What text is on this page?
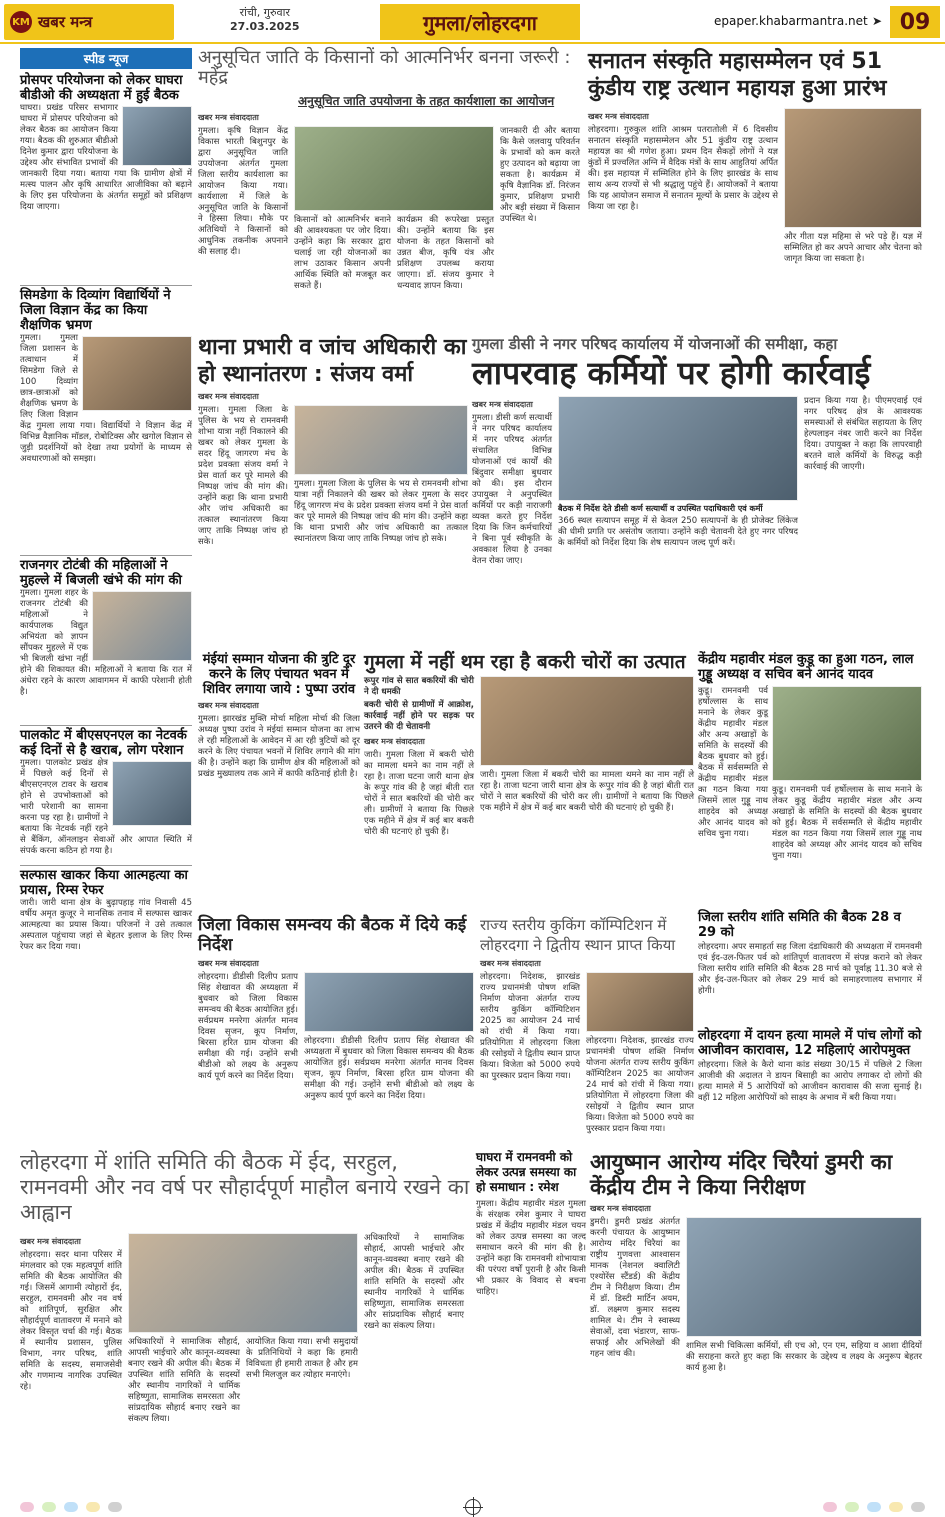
KM खबर मन्त्र
रांची, गुरुवार
27.03.2025	गुमला/लोहरदगा	epaper.khabarmantra.net ➤ 09
स्पीड न्यूज
प्रोसपर परियोजना को लेकर घाघरा बीडीओ की अध्यक्षता में हुई बैठक
घाघरा। प्रखंड परिसर सभागार घाघरा में प्रोसपर परियोजना को लेकर बैठक का आयोजन किया गया। बैठक की शुरुआत बीडीओ दिनेश कुमार द्वारा परियोजना के उद्देश्य और संभावित प्रभावों की जानकारी दिया गया। बताया गया कि ग्रामीण क्षेत्रों में मत्स्य पालन और कृषि आधारित आजीविका को बढ़ाने के लिए इस परियोजना के अंतर्गत समूहों को प्रशिक्षण दिया जाएगा।
सिमडेगा के दिव्यांग विद्यार्थियों ने जिला विज्ञान केंद्र का किया शैक्षणिक भ्रमण
गुमला। गुमला जिला प्रशासन के तत्वाधान में सिमडेगा जिले से 100 दिव्यांग छात्र-छात्राओं को शैक्षणिक भ्रमण के लिए जिला विज्ञान केंद्र गुमला लाया गया। विद्यार्थियों ने विज्ञान केंद्र में विभिन्न वैज्ञानिक मॉडल, रोबोटिक्स और खगोल विज्ञान से जुड़ी प्रदर्शनियों को देखा तथा प्रयोगों के माध्यम से अवधारणाओं को समझा।
राजनगर टोटंबी की महिलाओं ने मुहल्ले में बिजली खंभे की मांग की
गुमला। गुमला शहर के राजनगर टोटंबी की महिलाओं ने कार्यपालक विद्युत अभियंता को ज्ञापन सौंपकर मुहल्ले में एक भी बिजली खंभा नहीं होने की शिकायत की। महिलाओं ने बताया कि रात में अंधेरा रहने के कारण आवागमन में काफी परेशानी होती है।
पालकोट में बीएसएनएल का नेटवर्क कई दिनों से है खराब, लोग परेशान
गुमला। पालकोट प्रखंड क्षेत्र में पिछले कई दिनों से बीएसएनएल टावर के खराब होने से उपभोक्ताओं को भारी परेशानी का सामना करना पड़ रहा है। ग्रामीणों ने बताया कि नेटवर्क नहीं रहने से बैंकिंग, ऑनलाइन सेवाओं और आपात स्थिति में संपर्क करना कठिन हो गया है।
सल्फास खाकर किया आत्महत्या का प्रयास, रिम्स रेफर
जारी। जारी थाना क्षेत्र के बुढ़ापहाड़ गांव निवासी 45 वर्षीय अमृत कुजूर ने मानसिक तनाव में सल्फास खाकर आत्महत्या का प्रयास किया। परिजनों ने उसे तत्काल अस्पताल पहुंचाया जहां से बेहतर इलाज के लिए रिम्स रेफर कर दिया गया।
अनुसूचित जाति के किसानों को आत्मनिर्भर बनना जरूरी : महेंद्र
अनुसूचित जाति उपयोजना के तहत कार्यशाला का आयोजन
खबर मन्त्र संवाददाता
गुमला। कृषि विज्ञान केंद्र विकास भारती बिशुनपुर के द्वारा अनुसूचित जाति उपयोजना अंतर्गत गुमला जिला स्तरीय कार्यशाला का आयोजन किया गया। कार्यशाला में जिले के अनुसूचित जाति के किसानों ने हिस्सा लिया। मौके पर अतिथियों ने किसानों को आधुनिक तकनीक अपनाने की सलाह दी।
किसानों को आत्मनिर्भर बनाने की आवश्यकता पर जोर दिया। उन्होंने कहा कि सरकार द्वारा चलाई जा रही योजनाओं का लाभ उठाकर किसान अपनी आर्थिक स्थिति को मजबूत कर सकते हैं।
कार्यक्रम की रूपरेखा प्रस्तुत की। उन्होंने बताया कि इस योजना के तहत किसानों को उन्नत बीज, कृषि यंत्र और प्रशिक्षण उपलब्ध कराया जाएगा। डॉ. संजय कुमार ने धन्यवाद ज्ञापन किया।
जानकारी दी और बताया कि कैसे जलवायु परिवर्तन के प्रभावों को कम करते हुए उत्पादन को बढ़ाया जा सकता है। कार्यक्रम में कृषि वैज्ञानिक डॉ. निरंजन कुमार, प्रशिक्षण प्रभारी और बड़ी संख्या में किसान उपस्थित थे।
सनातन संस्कृति महासम्मेलन एवं 51 कुंडीय राष्ट्र उत्थान महायज्ञ हुआ प्रारंभ
खबर मन्त्र संवाददाता
लोहरदगा। गुरुकुल शांति आश्रम पतरातोली में 6 दिवसीय सनातन संस्कृति महासम्मेलन और 51 कुंडीय राष्ट्र उत्थान महायज्ञ का श्री गणेश हुआ। प्रथम दिन सैकड़ों लोगों ने यज्ञ कुंडों में प्रज्वलित अग्नि में वैदिक मंत्रों के साथ आहुतियां अर्पित की। इस महायज्ञ में सम्मिलित होने के लिए झारखंड के साथ साथ अन्य राज्यों से भी श्रद्धालु पहुंचे हैं। आयोजकों ने बताया कि यह आयोजन समाज में सनातन मूल्यों के प्रसार के उद्देश्य से किया जा रहा है।
और गीता यज्ञ महिमा से भरे पड़े हैं। यज्ञ में सम्मिलित हो कर अपने आचार और चेतना को जागृत किया जा सकता है।
थाना प्रभारी व जांच अधिकारी का हो स्थानांतरण : संजय वर्मा
खबर मन्त्र संवाददाता
गुमला। गुमला जिला के पुलिस के भय से रामनवमी शोभा यात्रा नहीं निकालने की खबर को लेकर गुमला के सदर हिंदू जागरण मंच के प्रदेश प्रवक्ता संजय वर्मा ने प्रेस वार्ता कर पूरे मामले की निष्पक्ष जांच की मांग की। उन्होंने कहा कि थाना प्रभारी और जांच अधिकारी का तत्काल स्थानांतरण किया जाए ताकि निष्पक्ष जांच हो सके।
गुमला। गुमला जिला के पुलिस के भय से रामनवमी शोभा यात्रा नहीं निकालने की खबर को लेकर गुमला के सदर हिंदू जागरण मंच के प्रदेश प्रवक्ता संजय वर्मा ने प्रेस वार्ता कर पूरे मामले की निष्पक्ष जांच की मांग की। उन्होंने कहा कि थाना प्रभारी और जांच अधिकारी का तत्काल स्थानांतरण किया जाए ताकि निष्पक्ष जांच हो सके।
गुमला डीसी ने नगर परिषद कार्यालय में योजनाओं की समीक्षा, कहा
लापरवाह कर्मियों पर होगी कार्रवाई
खबर मन्त्र संवाददाता
गुमला। डीसी कर्ण सत्यार्थी ने नगर परिषद कार्यालय में नगर परिषद अंतर्गत संचालित विभिन्न योजनाओं एवं कार्यों की बिंदुवार समीक्षा बुधवार को की। इस दौरान उपायुक्त ने अनुपस्थित कर्मियों पर कड़ी नाराजगी व्यक्त करते हुए निर्देश दिया कि जिन कर्मचारियों ने बिना पूर्व स्वीकृति के अवकाश लिया है उनका वेतन रोका जाए।
बैठक में निर्देश देते डीसी कर्ण सत्यार्थी व उपस्थित पदाधिकारी एवं कर्मी
366 स्थल सत्यापन समूह में से केवल 250 सत्यापनों के ही प्रोजेक्ट लिंकेज की धीमी प्रगति पर असंतोष जताया। उन्होंने कड़ी चेतावनी देते हुए नगर परिषद के कर्मियों को निर्देश दिया कि शेष सत्यापन जल्द पूर्ण करें।
प्रदान किया गया है। पीएमएवाई एवं नगर परिषद क्षेत्र के आवश्यक समस्याओं से संबंधित सहायता के लिए हेल्पलाइन नंबर जारी करने का निर्देश दिया। उपायुक्त ने कहा कि लापरवाही बरतने वाले कर्मियों के विरुद्ध कड़ी कार्रवाई की जाएगी।
मंईयां सम्मान योजना की त्रुटि दूर करने के लिए पंचायत भवन में शिविर लगाया जाये : पुष्पा उरांव
खबर मन्त्र संवाददाता
गुमला। झारखंड मुक्ति मोर्चा महिला मोर्चा की जिला अध्यक्ष पुष्पा उरांव ने मंईयां सम्मान योजना का लाभ ले रही महिलाओं के आवेदन में आ रही त्रुटियों को दूर करने के लिए पंचायत भवनों में शिविर लगाने की मांग की है। उन्होंने कहा कि ग्रामीण क्षेत्र की महिलाओं को प्रखंड मुख्यालय तक आने में काफी कठिनाई होती है।
गुमला में नहीं थम रहा है बकरी चोरों का उत्पात
रूपुर गांव से सात बकरियों की चोरी ने दी धमकी
बकरी चोरी से ग्रामीणों में आक्रोश, कार्रवाई नहीं होने पर सड़क पर उतरने की दी चेतावनी
खबर मन्त्र संवाददाता
जारी। गुमला जिला में बकरी चोरी का मामला थमने का नाम नहीं ले रहा है। ताजा घटना जारी थाना क्षेत्र के रूपुर गांव की है जहां बीती रात चोरों ने सात बकरियों की चोरी कर ली। ग्रामीणों ने बताया कि पिछले एक महीने में क्षेत्र में कई बार बकरी चोरी की घटनाएं हो चुकी हैं।
जारी। गुमला जिला में बकरी चोरी का मामला थमने का नाम नहीं ले रहा है। ताजा घटना जारी थाना क्षेत्र के रूपुर गांव की है जहां बीती रात चोरों ने सात बकरियों की चोरी कर ली। ग्रामीणों ने बताया कि पिछले एक महीने में क्षेत्र में कई बार बकरी चोरी की घटनाएं हो चुकी हैं।
केंद्रीय महावीर मंडल कुडू का हुआ गठन, लाल गुड्डू अध्यक्ष व सचिव बने आनंद यादव
कुडू। रामनवमी पर्व हर्षोल्लास के साथ मनाने के लेकर कुडू केंद्रीय महावीर मंडल और अन्य अखाड़ों के समिति के सदस्यों की बैठक बुधवार को हुई। बैठक में सर्वसम्मति से केंद्रीय महावीर मंडल का गठन किया गया जिसमें लाल गुड्डू नाथ शाहदेव को अध्यक्ष और आनंद यादव को सचिव चुना गया।
कुडू। रामनवमी पर्व हर्षोल्लास के साथ मनाने के लेकर कुडू केंद्रीय महावीर मंडल और अन्य अखाड़ों के समिति के सदस्यों की बैठक बुधवार को हुई। बैठक में सर्वसम्मति से केंद्रीय महावीर मंडल का गठन किया गया जिसमें लाल गुड्डू नाथ शाहदेव को अध्यक्ष और आनंद यादव को सचिव चुना गया।
जिला विकास समन्वय की बैठक में दिये कई निर्देश
खबर मन्त्र संवाददाता
लोहरदगा। डीडीसी दिलीप प्रताप सिंह शेखावत की अध्यक्षता में बुधवार को जिला विकास समन्वय की बैठक आयोजित हुई। सर्वप्रथम मनरेगा अंतर्गत मानव दिवस सृजन, कूप निर्माण, बिरसा हरित ग्राम योजना की समीक्षा की गई। उन्होंने सभी बीडीओ को लक्ष्य के अनुरूप कार्य पूर्ण करने का निर्देश दिया।
लोहरदगा। डीडीसी दिलीप प्रताप सिंह शेखावत की अध्यक्षता में बुधवार को जिला विकास समन्वय की बैठक आयोजित हुई। सर्वप्रथम मनरेगा अंतर्गत मानव दिवस सृजन, कूप निर्माण, बिरसा हरित ग्राम योजना की समीक्षा की गई। उन्होंने सभी बीडीओ को लक्ष्य के अनुरूप कार्य पूर्ण करने का निर्देश दिया।
राज्य स्तरीय कुकिंग कॉम्पिटिशन में लोहरदगा ने द्वितीय स्थान प्राप्त किया
खबर मन्त्र संवाददाता
लोहरदगा। निदेशक, झारखंड राज्य प्रधानमंत्री पोषण शक्ति निर्माण योजना अंतर्गत राज्य स्तरीय कुकिंग कॉम्पिटिशन 2025 का आयोजन 24 मार्च को रांची में किया गया। प्रतियोगिता में लोहरदगा जिला की रसोइयों ने द्वितीय स्थान प्राप्त किया। विजेता को 5000 रुपये का पुरस्कार प्रदान किया गया।
लोहरदगा। निदेशक, झारखंड राज्य प्रधानमंत्री पोषण शक्ति निर्माण योजना अंतर्गत राज्य स्तरीय कुकिंग कॉम्पिटिशन 2025 का आयोजन 24 मार्च को रांची में किया गया। प्रतियोगिता में लोहरदगा जिला की रसोइयों ने द्वितीय स्थान प्राप्त किया। विजेता को 5000 रुपये का पुरस्कार प्रदान किया गया।
जिला स्तरीय शांति समिति की बैठक 28 व 29 को
लोहरदगा। अपर समाहर्ता सह जिला दंडाधिकारी की अध्यक्षता में रामनवमी एवं ईद-उल-फितर पर्व को शांतिपूर्ण वातावरण में संपन्न कराने को लेकर जिला स्तरीय शांति समिति की बैठक 28 मार्च को पूर्वाह्न 11.30 बजे से और ईद-उल-फितर को लेकर 29 मार्च को समाहरणालय सभागार में होगी।
लोहरदगा में दायन हत्या मामले में पांच लोगों को आजीवन कारावास, 12 महिलाएं आरोपमुक्त
लोहरदगा। जिले के कैरो थाना कांड संख्या 30/15 में पछिले 2 जिला आजीवी की अदालत ने डायन बिसाही का आरोप लगाकर दो लोगों की हत्या मामले में 5 आरोपियों को आजीवन कारावास की सजा सुनाई है। वहीं 12 महिला आरोपियों को साक्ष्य के अभाव में बरी किया गया।
लोहरदगा में शांति समिति की बैठक में ईद, सरहुल, रामनवमी और नव वर्ष पर सौहार्दपूर्ण माहौल बनाये रखने का आह्वान
खबर मन्त्र संवाददाता
लोहरदगा। सदर थाना परिसर में मंगलवार को एक महत्वपूर्ण शांति समिति की बैठक आयोजित की गई। जिसमें आगामी त्योहारों ईद, सरहुल, रामनवमी और नव वर्ष को शांतिपूर्ण, सुरक्षित और सौहार्दपूर्ण वातावरण में मनाने को लेकर विस्तृत चर्चा की गई। बैठक में स्थानीय प्रशासन, पुलिस विभाग, नगर परिषद, शांति समिति के सदस्य, समाजसेवी और गणमान्य नागरिक उपस्थित रहे।
अधिकारियों ने सामाजिक सौहार्द, आपसी भाईचारे और कानून-व्यवस्था बनाए रखने की अपील की। बैठक में उपस्थित शांति समिति के सदस्यों और स्थानीय नागरिकों ने धार्मिक सहिष्णुता, सामाजिक समरसता और सांप्रदायिक सौहार्द बनाए रखने का संकल्प लिया।
आयोजित किया गया। सभी समुदायों के प्रतिनिधियों ने कहा कि हमारी विविधता ही हमारी ताकत है और हम सभी मिलजुल कर त्योहार मनाएंगे।
अधिकारियों ने सामाजिक सौहार्द, आपसी भाईचारे और कानून-व्यवस्था बनाए रखने की अपील की। बैठक में उपस्थित शांति समिति के सदस्यों और स्थानीय नागरिकों ने धार्मिक सहिष्णुता, सामाजिक समरसता और सांप्रदायिक सौहार्द बनाए रखने का संकल्प लिया।
घाघरा में रामनवमी को लेकर उत्पन्न समस्या का हो समाधान : रमेश
गुमला। केंद्रीय महावीर मंडल गुमला के संरक्षक रमेश कुमार ने घाघरा प्रखंड में केंद्रीय महावीर मंडल चयन को लेकर उत्पन्न समस्या का जल्द समाधान करने की मांग की है। उन्होंने कहा कि रामनवमी शोभायात्रा की परंपरा वर्षों पुरानी है और किसी भी प्रकार के विवाद से बचना चाहिए।
आयुष्मान आरोग्य मंदिर चिरैयां डुमरी का केंद्रीय टीम ने किया निरीक्षण
खबर मन्त्र संवाददाता
डुमरी। डुमरी प्रखंड अंतर्गत करनी पंचायत के आयुष्मान आरोग्य मंदिर चिरैयां का राष्ट्रीय गुणवत्ता आश्वासन मानक (नेशनल क्वालिटी एश्योरेंस स्टैंडर्ड) की केंद्रीय टीम ने निरीक्षण किया। टीम में डॉ. डिस्टी मार्टिन अयम, डॉ. लक्ष्मण कुमार सदस्य शामिल थे। टीम ने स्वास्थ्य सेवाओं, दवा भंडारण, साफ-सफाई और अभिलेखों की गहन जांच की।
शामिल सभी चिकित्सा कर्मियों, सी एच ओ, एन एम, सहिया व आशा दीदियों की सराहना करते हुए कहा कि सरकार के उद्देश्य व लक्ष्य के अनुरूप बेहतर कार्य हुआ है।
